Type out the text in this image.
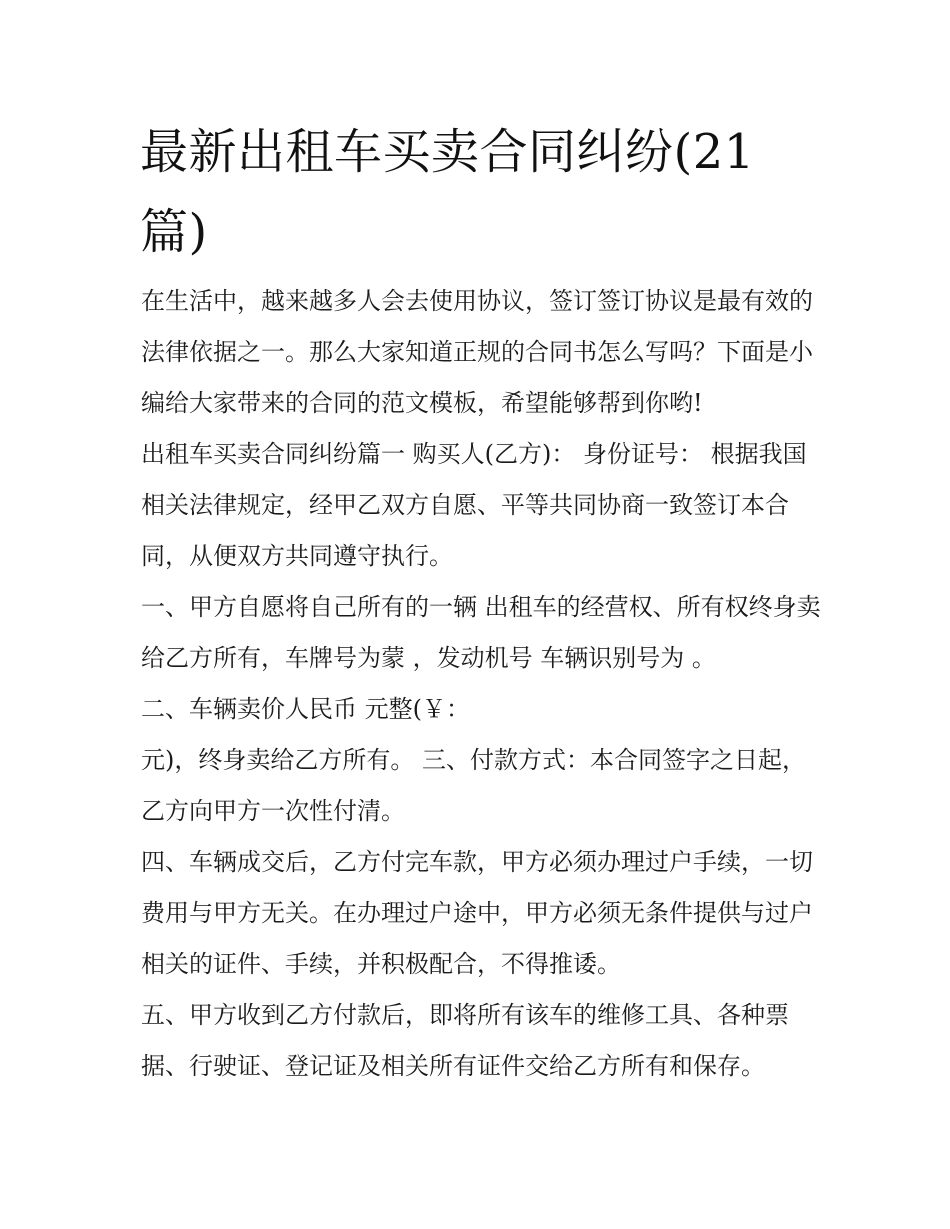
最新出租车买卖合同纠纷(21篇)

在生活中，越来越多人会去使用协议，签订签订协议是最有效的法律依据之一。那么大家知道正规的合同书怎么写吗？下面是小编给大家带来的合同的范文模板，希望能够帮到你哟!

出租车买卖合同纠纷篇一 购买人(乙方)： 身份证号： 根据我国相关法律规定，经甲乙双方自愿、平等共同协商一致签订本合同，从便双方共同遵守执行。

一、甲方自愿将自己所有的一辆 出租车的经营权、所有权终身卖给乙方所有，车牌号为蒙 ，发动机号 车辆识别号为 。

二、车辆卖价人民币 元整(￥：

元)，终身卖给乙方所有。 三、付款方式：本合同签字之日起，乙方向甲方一次性付清。

四、车辆成交后，乙方付完车款，甲方必须办理过户手续，一切费用与甲方无关。在办理过户途中，甲方必须无条件提供与过户相关的证件、手续，并积极配合，不得推诿。

五、甲方收到乙方付款后，即将所有该车的维修工具、各种票据、行驶证、登记证及相关所有证件交给乙方所有和保存。
